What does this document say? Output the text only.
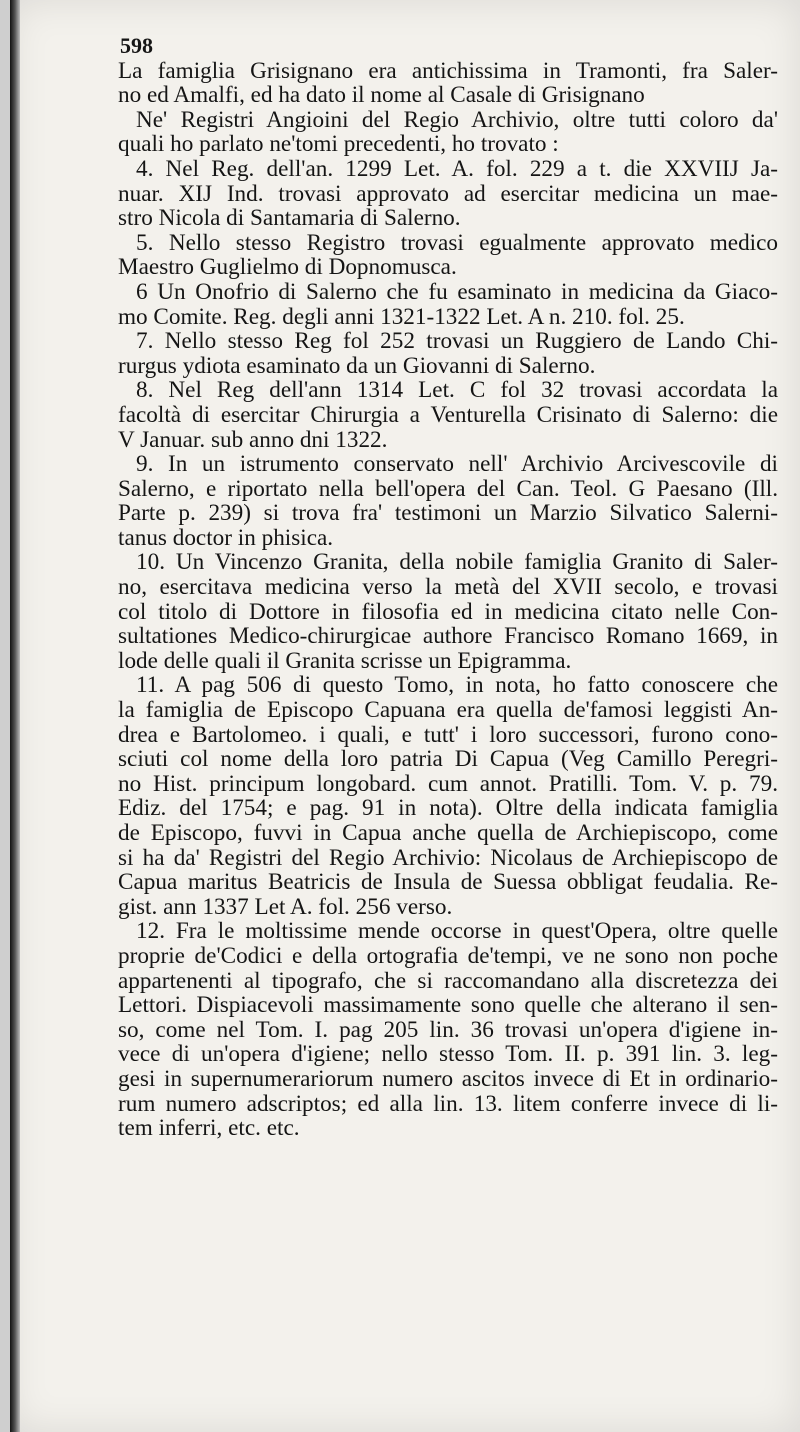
598

La famiglia Grisignano era antichissima in Tramonti, fra Saler-
no ed Amalfi, ed ha dato il nome al Casale di Grisignano

Ne' Registri Angioini del Regio Archivio, oltre tutti coloro da'

quali ho parlato ne'tomi precedenti, ho trovato :

4. Nel Reg. dell'an. 1299 Let. A. fol. 229 a t. die XXVIIJ Ja-

nuar. XIJ Ind. trovasi approvato ad esercitar medicina un mae-
stro Nicola di Santamaria di Salerno.

5. Nello stesso Registro trovasi egualmente approvato medico

Maestro Guglielmo di Dopnomusca.

6 Un Onofrio di Salerno che fu esaminato in medicina da Giaco-

mo Comite. Reg. degli anni 1321-1322 Let. A n. 210. fol. 25.

7. Nello stesso Reg fol 252 trovasi un Ruggiero de Lando Chi-

rurgus ydiota esaminato da un Giovanni di Salerno.

8. Nel Reg dell'ann 1314 Let. C fol 32 trovasi accordata la

facoltà di esercitar Chirurgia a Venturella Crisinato di Salerno: die
V Januar. sub anno dni 1322.

9. In un istrumento conservato nell' Archivio Arcivescovile di

Salerno, e riportato nella bell'opera del Can. Teol. G Paesano (Ill.
Parte p. 239) si trova fra' testimoni un Marzio Silvatico Salerni-
tanus doctor in phisica.

10. Un Vincenzo Granita, della nobile famiglia Granito di Saler-

no, esercitava medicina verso la metà del XVII secolo, e trovasi
col titolo di Dottore in filosofia ed in medicina citato nelle Con-
sultationes Medico-chirurgicae authore Francisco Romano 1669, in
lode delle quali il Granita scrisse un Epigramma.

11. A pag 506 di questo Tomo, in nota, ho fatto conoscere che

la famiglia de Episcopo Capuana era quella de'famosi leggisti An-
drea e Bartolomeo. i quali, e tutt' i loro successori, furono cono-
sciuti col nome della loro patria Di Capua (Veg Camillo Peregri-
no Hist. principum longobard. cum annot. Pratilli. Tom. V. p. 79.
Ediz. del 1754; e pag. 91 in nota). Oltre della indicata famiglia
de Episcopo, fuvvi in Capua anche quella de Archiepiscopo, come
si ha da' Registri del Regio Archivio: Nicolaus de Archiepiscopo de
Capua maritus Beatricis de Insula de Suessa obbligat feudalia. Re-
gist. ann 1337 Let A. fol. 256 verso.

12. Fra le moltissime mende occorse in quest'Opera, oltre quelle

proprie de'Codici e della ortografia de'tempi, ve ne sono non poche
appartenenti al tipografo, che si raccomandano alla discretezza dei
Lettori. Dispiacevoli massimamente sono quelle che alterano il sen-
so, come nel Tom. I. pag 205 lin. 36 trovasi un'opera d'igiene in-
vece di un'opera d'igiene; nello stesso Tom. II. p. 391 lin. 3. leg-
gesi in supernumerariorum numero ascitos invece di Et in ordinario-
rum numero adscriptos; ed alla lin. 13. litem conferre invece di li-
tem inferri, etc. etc.
